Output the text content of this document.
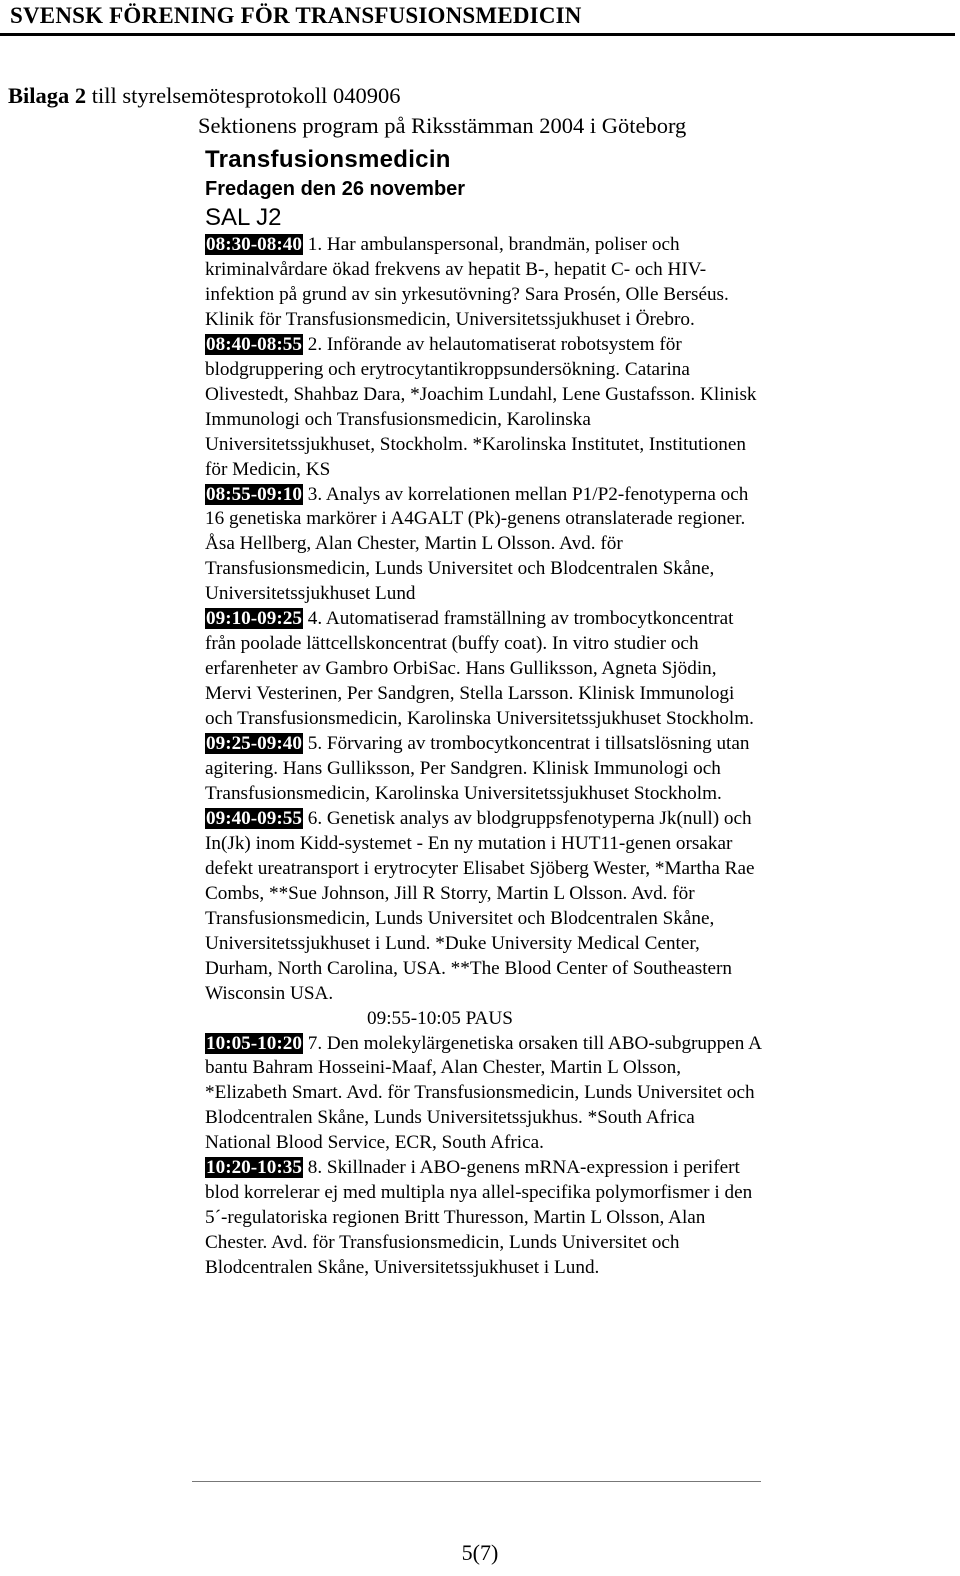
SVENSK FÖRENING FÖR TRANSFUSIONSMEDICIN
Bilaga 2 till styrelsemötesprotokoll 040906
Sektionens program på Riksstämman 2004 i Göteborg
Transfusionsmedicin
Fredagen den 26 november
SAL J2
08:30-08:40 1. Har ambulanspersonal, brandmän, poliser och kriminalvårdare ökad frekvens av hepatit B-, hepatit C- och HIV-infektion på grund av sin yrkesutövning? Sara Prosén, Olle Berséus. Klinik för Transfusionsmedicin, Universitetssjukhuset i Örebro.
08:40-08:55 2. Införande av helautomatiserat robotsystem för blodgruppering och erytrocytantikroppsundersökning. Catarina Olivestedt, Shahbaz Dara, *Joachim Lundahl, Lene Gustafsson. Klinisk Immunologi och Transfusionsmedicin, Karolinska Universitetssjukhuset, Stockholm. *Karolinska Institutet, Institutionen för Medicin, KS
08:55-09:10 3. Analys av korrelationen mellan P1/P2-fenotyperna och 16 genetiska markörer i A4GALT (Pk)-genens otranslaterade regioner. Åsa Hellberg, Alan Chester, Martin L Olsson. Avd. för Transfusionsmedicin, Lunds Universitet och Blodcentralen Skåne, Universitetssjukhuset Lund
09:10-09:25 4. Automatiserad framställning av trombocytkoncentrat från poolade lättcellskoncentrat (buffy coat). In vitro studier och erfarenheter av Gambro OrbiSac. Hans Gulliksson, Agneta Sjödin, Mervi Vesterinen, Per Sandgren, Stella Larsson. Klinisk Immunologi och Transfusionsmedicin, Karolinska Universitetssjukhuset Stockholm.
09:25-09:40 5. Förvaring av trombocytkoncentrat i tillsatslösning utan agitering. Hans Gulliksson, Per Sandgren. Klinisk Immunologi och Transfusionsmedicin, Karolinska Universitetssjukhuset Stockholm.
09:40-09:55 6. Genetisk analys av blodgruppsfenotyperna Jk(null) och In(Jk) inom Kidd-systemet - En ny mutation i HUT11-genen orsakar defekt ureatransport i erytrocyter Elisabet Sjöberg Wester, *Martha Rae Combs, **Sue Johnson, Jill R Storry, Martin L Olsson. Avd. för Transfusionsmedicin, Lunds Universitet och Blodcentralen Skåne, Universitetssjukhuset i Lund. *Duke University Medical Center, Durham, North Carolina, USA. **The Blood Center of Southeastern Wisconsin USA.
09:55-10:05 PAUS
10:05-10:20 7. Den molekylärgenetiska orsaken till ABO-subgruppen A bantu Bahram Hosseini-Maaf, Alan Chester, Martin L Olsson, *Elizabeth Smart. Avd. för Transfusionsmedicin, Lunds Universitet och Blodcentralen Skåne, Lunds Universitetssjukhus. *South Africa National Blood Service, ECR, South Africa.
10:20-10:35 8. Skillnader i ABO-genens mRNA-expression i perifert blod korrelerar ej med multipla nya allel-specifika polymorfismer i den 5´-regulatoriska regionen Britt Thuresson, Martin L Olsson, Alan Chester. Avd. för Transfusionsmedicin, Lunds Universitet och Blodcentralen Skåne, Universitetssjukhuset i Lund.
5(7)
